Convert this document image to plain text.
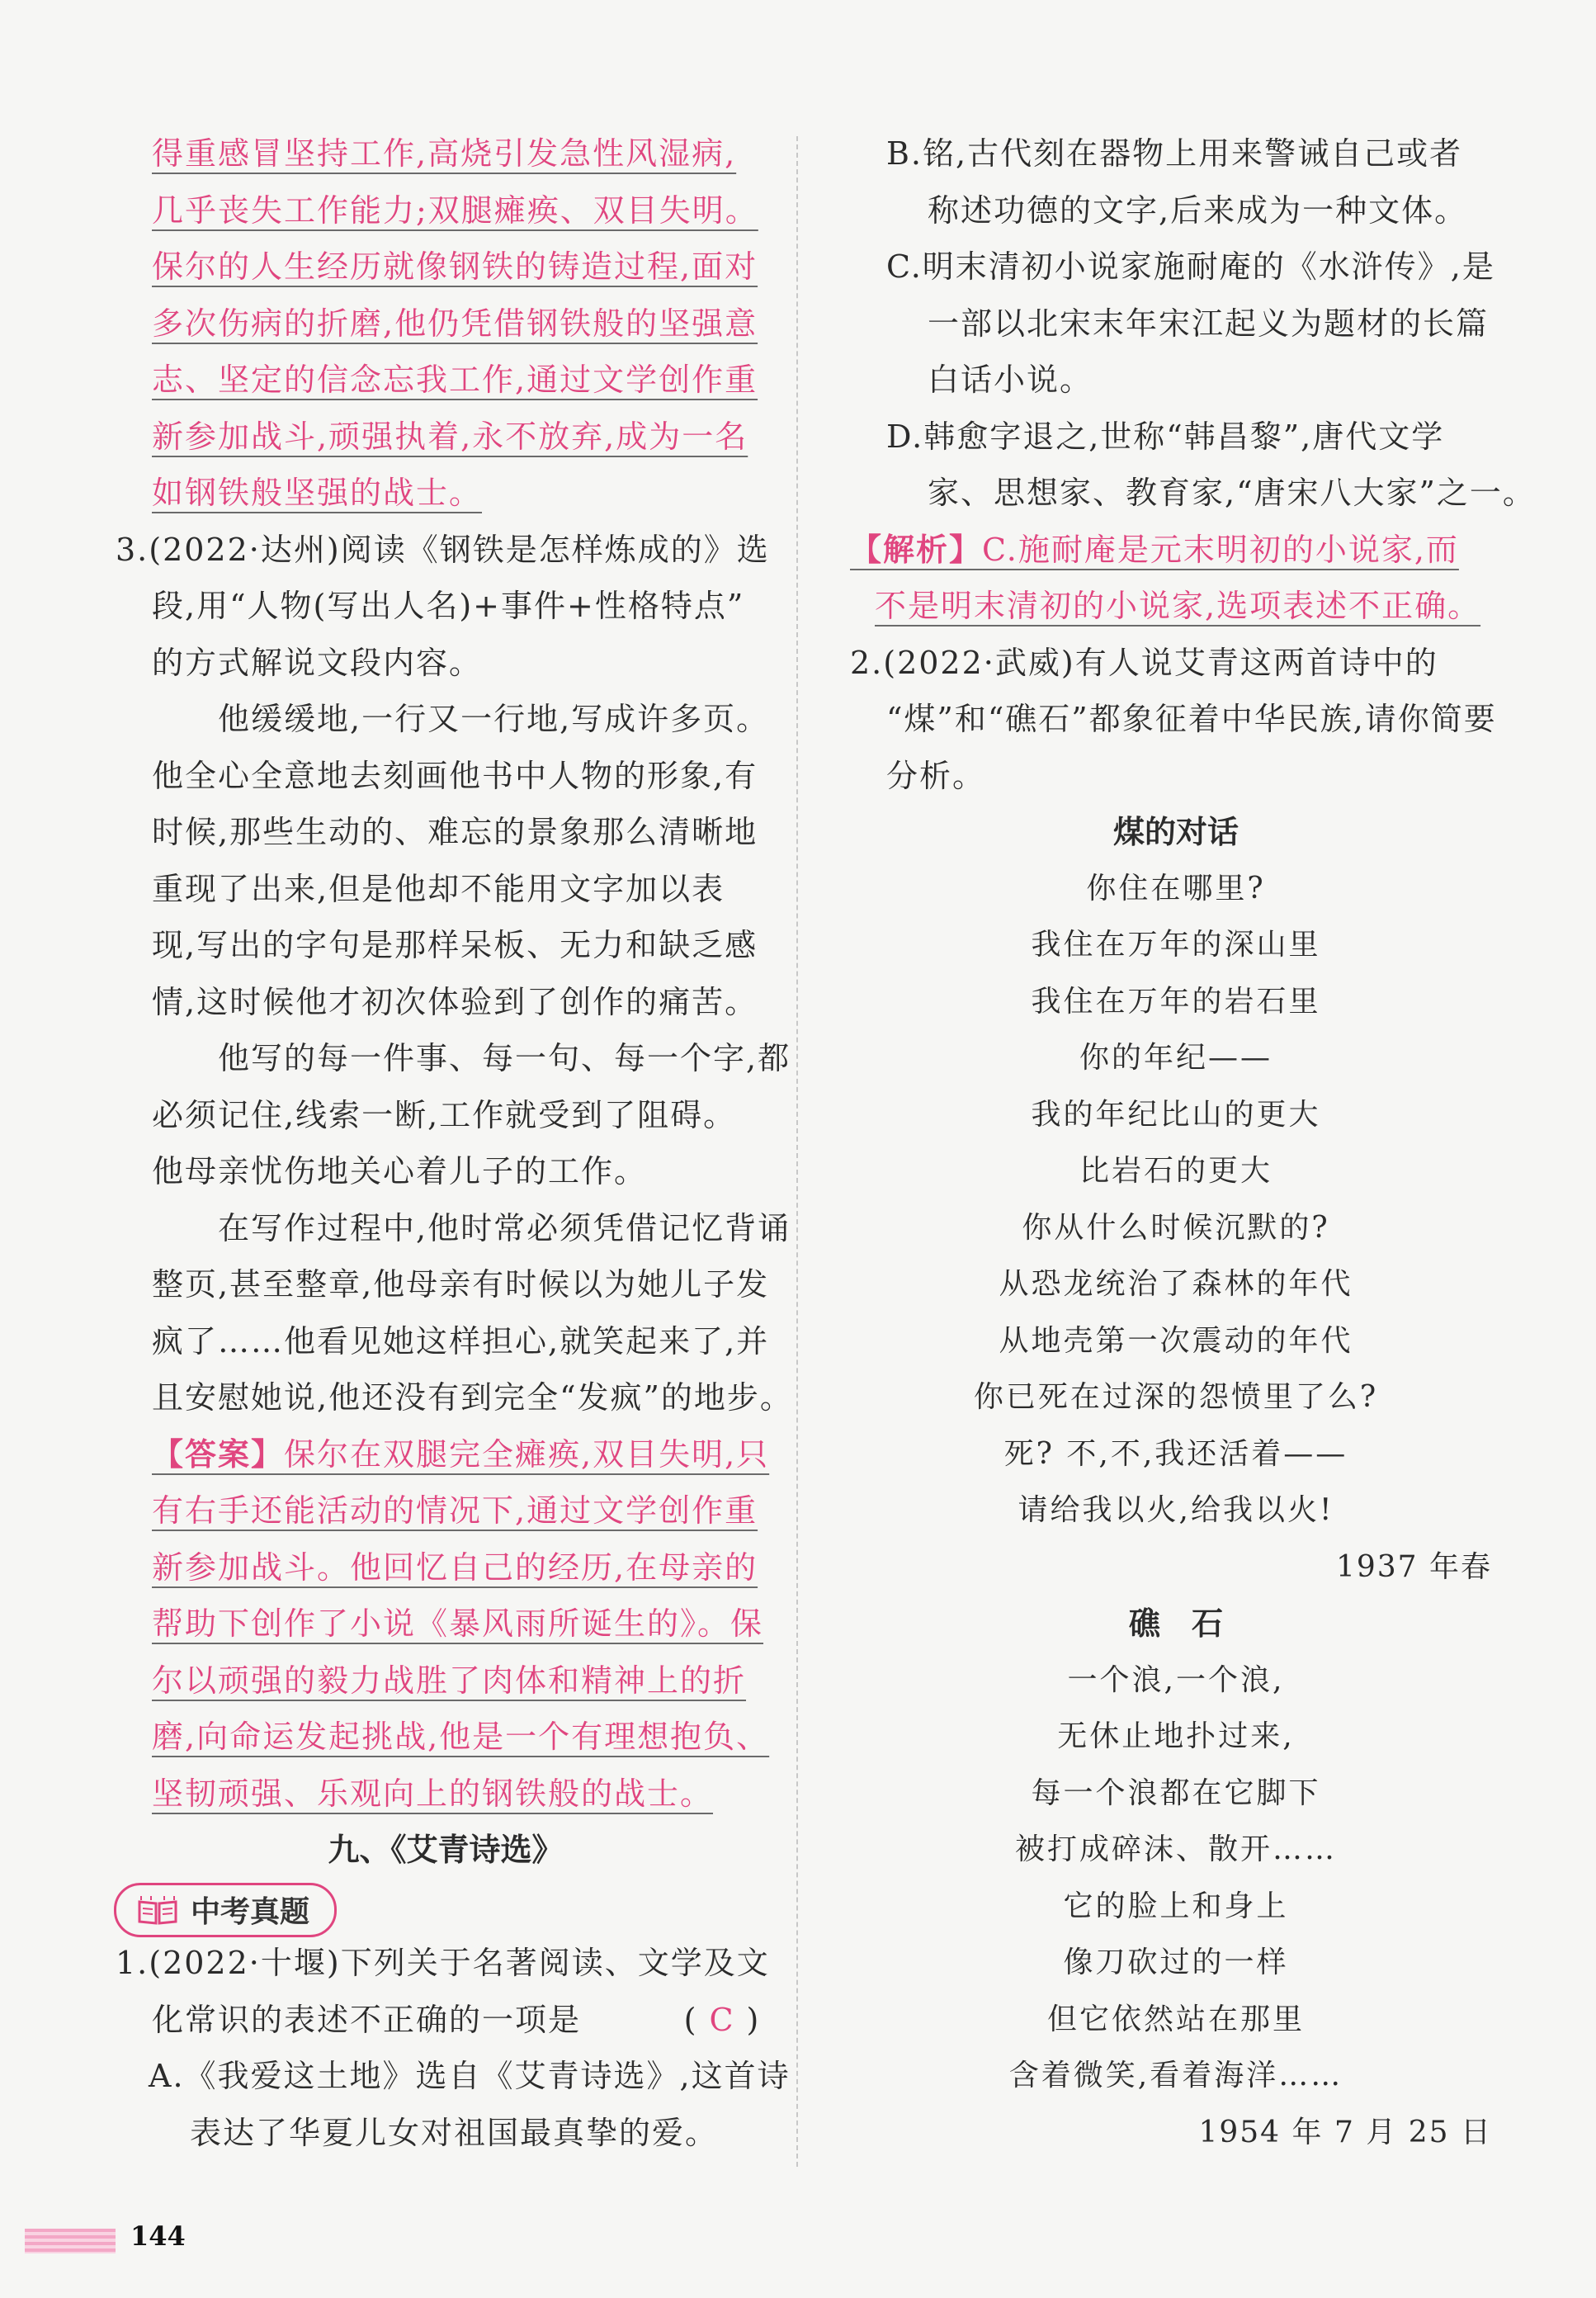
得重感冒坚持工作,高烧引发急性风湿病,
几乎丧失工作能力;双腿瘫痪、双目失明。
保尔的人生经历就像钢铁的铸造过程,面对
多次伤病的折磨,他仍凭借钢铁般的坚强意
志、坚定的信念忘我工作,通过文学创作重
新参加战斗,顽强执着,永不放弃,成为一名
如钢铁般坚强的战士。
3.(2022·达州)阅读《钢铁是怎样炼成的》选
段,用“人物(写出人名)+事件+性格特点”
的方式解说文段内容。
他缓缓地,一行又一行地,写成许多页。
他全心全意地去刻画他书中人物的形象,有
时候,那些生动的、难忘的景象那么清晰地
重现了出来,但是他却不能用文字加以表
现,写出的字句是那样呆板、无力和缺乏感
情,这时候他才初次体验到了创作的痛苦。
他写的每一件事、每一句、每一个字,都
必须记住,线索一断,工作就受到了阻碍。
他母亲忧伤地关心着儿子的工作。
在写作过程中,他时常必须凭借记忆背诵
整页,甚至整章,他母亲有时候以为她儿子发
疯了……他看见她这样担心,就笑起来了,并
且安慰她说,他还没有到完全“发疯”的地步。
【答案】保尔在双腿完全瘫痪,双目失明,只
有右手还能活动的情况下,通过文学创作重
新参加战斗。他回忆自己的经历,在母亲的
帮助下创作了小说《暴风雨所诞生的》。保
尔以顽强的毅力战胜了肉体和精神上的折
磨,向命运发起挑战,他是一个有理想抱负、
坚韧顽强、乐观向上的钢铁般的战士。
九、《艾青诗选》
中考真题
1.(2022·十堰)下列关于名著阅读、文学及文
化常识的表述不正确的一项是	( C )
A.《我爱这土地》选自《艾青诗选》,这首诗
表达了华夏儿女对祖国最真挚的爱。
B.铭,古代刻在器物上用来警诫自己或者
称述功德的文字,后来成为一种文体。
C.明末清初小说家施耐庵的《水浒传》,是
一部以北宋末年宋江起义为题材的长篇
白话小说。
D.韩愈字退之,世称“韩昌黎”,唐代文学
家、思想家、教育家,“唐宋八大家”之一。
【解析】C.施耐庵是元末明初的小说家,而
不是明末清初的小说家,选项表述不正确。
2.(2022·武威)有人说艾青这两首诗中的
“煤”和“礁石”都象征着中华民族,请你简要
分析。
煤的对话
你住在哪里?
我住在万年的深山里
我住在万年的岩石里
你的年纪——
我的年纪比山的更大
比岩石的更大
你从什么时候沉默的?
从恐龙统治了森林的年代
从地壳第一次震动的年代
你已死在过深的怨愤里了么?
死? 不,不,我还活着——
请给我以火,给我以火!
1937 年春
礁　石
一个浪,一个浪,
无休止地扑过来,
每一个浪都在它脚下
被打成碎沫、散开……
它的脸上和身上
像刀砍过的一样
但它依然站在那里
含着微笑,看着海洋……
1954 年 7 月 25 日
144
